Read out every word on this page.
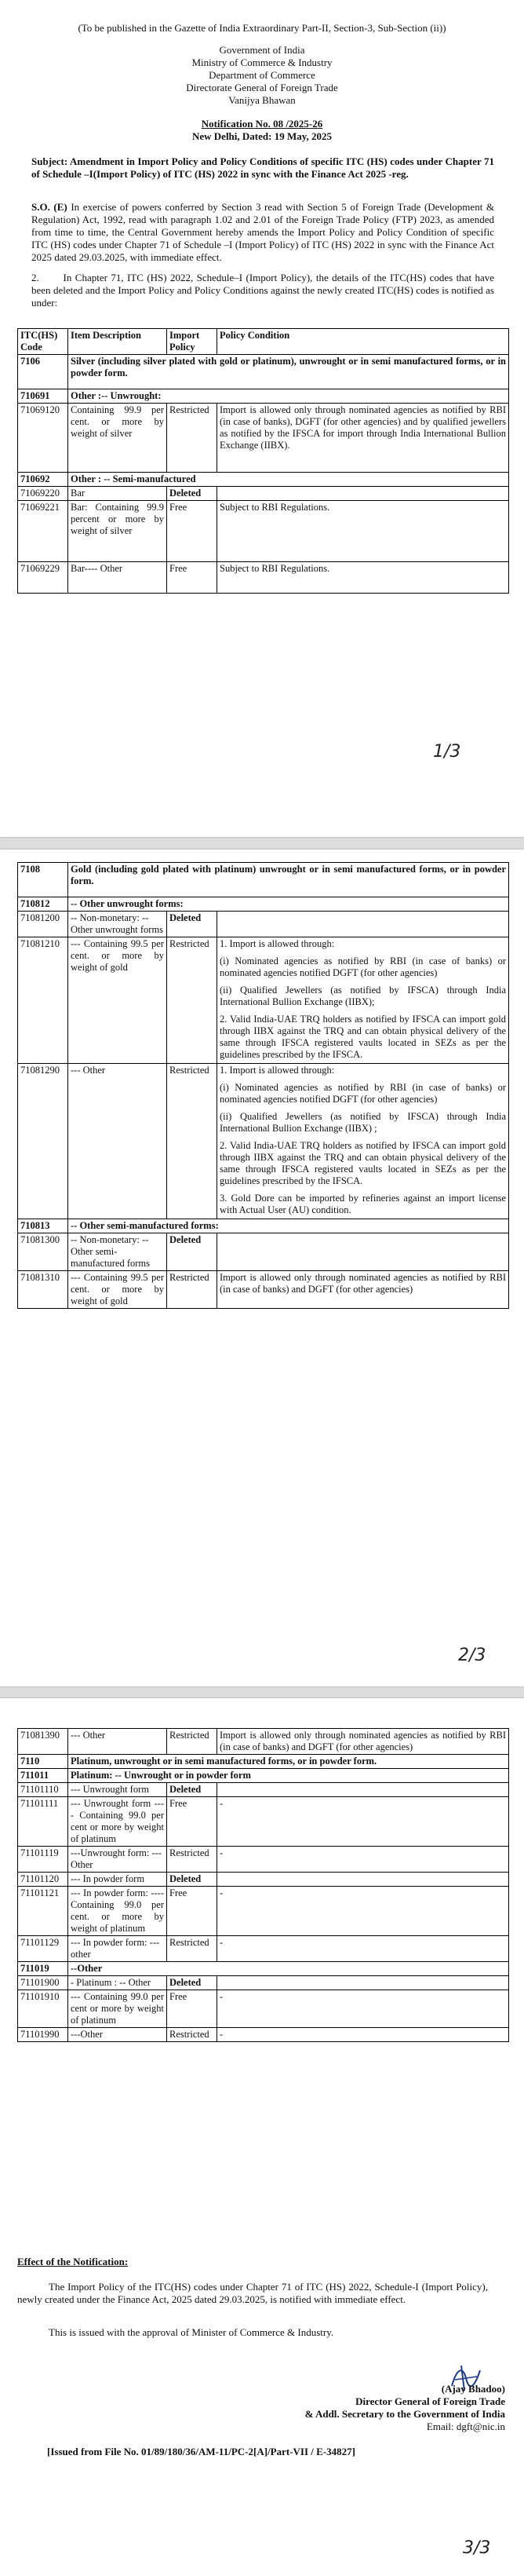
(To be published in the Gazette of India Extraordinary Part-II, Section-3, Sub-Section (ii))
Government of India
Ministry of Commerce & Industry
Department of Commerce
Directorate General of Foreign Trade
Vanijya Bhawan
Notification No. 08 /2025-26
New Delhi, Dated: 19 May, 2025
Subject: Amendment in Import Policy and Policy Conditions of specific ITC (HS) codes under Chapter 71 of Schedule –I(Import Policy) of ITC (HS) 2022 in sync with the Finance Act 2025 -reg.
S.O. (E) In exercise of powers conferred by Section 3 read with Section 5 of Foreign Trade (Development & Regulation) Act, 1992, read with paragraph 1.02 and 2.01 of the Foreign Trade Policy (FTP) 2023, as amended from time to time, the Central Government hereby amends the Import Policy and Policy Condition of specific ITC (HS) codes under Chapter 71 of Schedule –I (Import Policy) of ITC (HS) 2022 in sync with the Finance Act 2025 dated 29.03.2025, with immediate effect.
2. In Chapter 71, ITC (HS) 2022, Schedule–I (Import Policy), the details of the ITC(HS) codes that have been deleted and the Import Policy and Policy Conditions against the newly created ITC(HS) codes is notified as under:
ITC(HS) Code	Item Description	Import Policy	Policy Condition
7106	Silver (including silver plated with gold or platinum), unwrought or in semi manufactured forms, or in powder form.		
710691	Other :-- Unwrought:		
71069120	Containing 99.9 per cent. or more by weight of silver	Restricted	Import is allowed only through nominated agencies as notified by RBI (in case of banks), DGFT (for other agencies) and by qualified jewellers as notified by the IFSCA for import through India International Bullion Exchange (IIBX).
710692	Other : -- Semi-manufactured		
71069220	Bar	Deleted	
71069221	Bar: Containing 99.9 percent or more by weight of silver	Free	Subject to RBI Regulations.
71069229	Bar---- Other	Free	Subject to RBI Regulations.
1/3
7108	Gold (including gold plated with platinum) unwrought or in semi manufactured forms, or in powder form.		
710812	-- Other unwrought forms:		
71081200	-- Non-monetary: -- Other unwrought forms	Deleted	
71081210	--- Containing 99.5 per cent. or more by weight of gold	Restricted	1. Import is allowed through:

(i) Nominated agencies as notified by RBI (in case of banks) or nominated agencies notified DGFT (for other agencies)

(ii) Qualified Jewellers (as notified by IFSCA) through India International Bullion Exchange (IIBX);

2. Valid India-UAE TRQ holders as notified by IFSCA can import gold through IIBX against the TRQ and can obtain physical delivery of the same through IFSCA registered vaults located in SEZs as per the guidelines prescribed by the IFSCA.

71081290	--- Other	Restricted	1. Import is allowed through:

(i) Nominated agencies as notified by RBI (in case of banks) or nominated agencies notified DGFT (for other agencies)

(ii) Qualified Jewellers (as notified by IFSCA) through India International Bullion Exchange (IIBX) ;

2. Valid India-UAE TRQ holders as notified by IFSCA can import gold through IIBX against the TRQ and can obtain physical delivery of the same through IFSCA registered vaults located in SEZs as per the guidelines prescribed by the IFSCA.

3. Gold Dore can be imported by refineries against an import license with Actual User (AU) condition.

710813	-- Other semi-manufactured forms:		
71081300	-- Non-monetary: -- Other semi-manufactured forms	Deleted	
71081310	--- Containing 99.5 per cent. or more by weight of gold	Restricted	Import is allowed only through nominated agencies as notified by RBI (in case of banks) and DGFT (for other agencies)
2/3
71081390	--- Other	Restricted	Import is allowed only through nominated agencies as notified by RBI (in case of banks) and DGFT (for other agencies)
7110	Platinum, unwrought or in semi manufactured forms, or in powder form.		
711011	Platinum: -- Unwrought or in powder form		
71101110	--- Unwrought form	Deleted	
71101111	--- Unwrought form ---- Containing 99.0 per cent or more by weight of platinum	Free	-
71101119	---Unwrought form: --- Other	Restricted	-
71101120	--- In powder form	Deleted	
71101121	--- In powder form: ---- Containing 99.0 per cent. or more by weight of platinum	Free	-
71101129	--- In powder form: --- other	Restricted	-
711019	--Other		
71101900	- Platinum : -- Other	Deleted	
71101910	--- Containing 99.0 per cent or more by weight of platinum	Free	-
71101990	---Other	Restricted	-
Effect of the Notification:
The Import Policy of the ITC(HS) codes under Chapter 71 of ITC (HS) 2022, Schedule-I (Import Policy), newly created under the Finance Act, 2025 dated 29.03.2025, is notified with immediate effect.
This is issued with the approval of Minister of Commerce & Industry.
(Ajay Bhadoo)
Director General of Foreign Trade
& Addl. Secretary to the Government of India
Email: dgft@nic.in
[Issued from File No. 01/89/180/36/AM-11/PC-2[A]/Part-VII / E-34827]
3/3
